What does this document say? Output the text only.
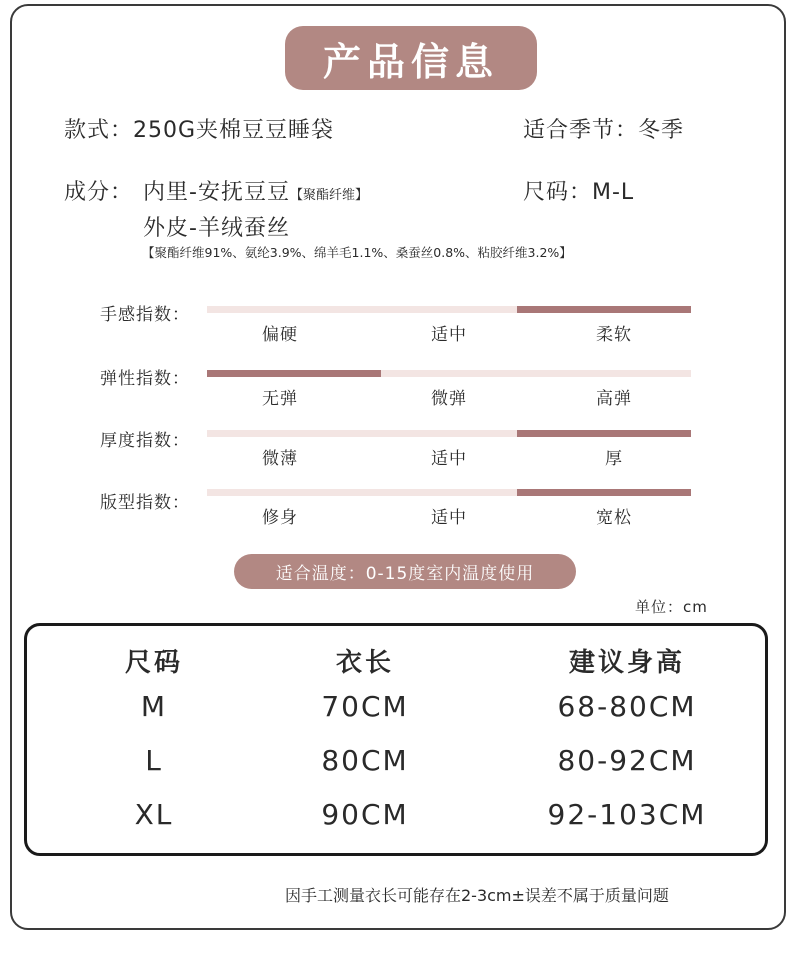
产品信息
款式：250G夹棉豆豆睡袋	适合季节：冬季
成分： 内里-安抚豆豆【聚酯纤维】	尺码：M-L
外皮-羊绒蚕丝
【聚酯纤维91%、氨纶3.9%、绵羊毛1.1%、桑蚕丝0.8%、粘胶纤维3.2%】
手感指数：
偏硬	适中	柔软
弹性指数：
无弹	微弹	高弹
厚度指数：
微薄	适中	厚
版型指数：
修身	适中	宽松
适合温度：0-15度室内温度使用
单位：cm
尺码	衣长	建议身高
M	70CM	68-80CM
L	80CM	80-92CM
XL	90CM	92-103CM
因手工测量衣长可能存在2-3cm±误差不属于质量问题
